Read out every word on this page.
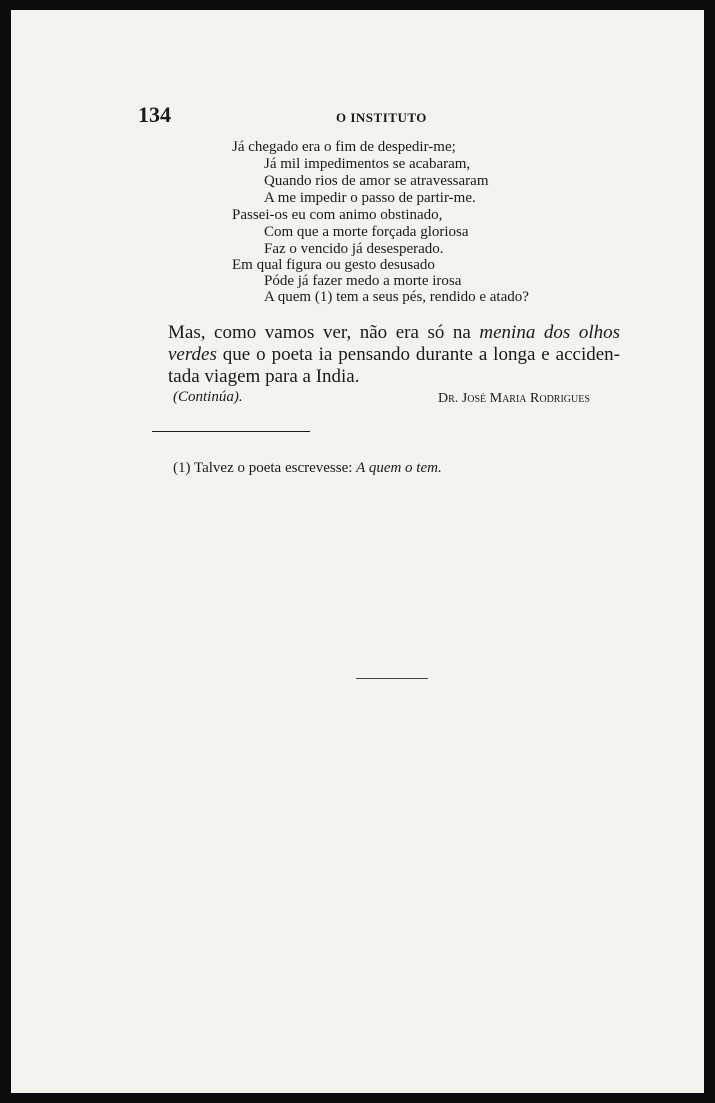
134	O INSTITUTO
Já chegado era o fim de despedir-me;
Já mil impedimentos se acabaram,
Quando rios de amor se atravessaram
A me impedir o passo de partir-me.
Passei-os eu com animo obstinado,
Com que a morte forçada gloriosa
Faz o vencido já desesperado.
Em qual figura ou gesto desusado
Póde já fazer medo a morte irosa
A quem (1) tem a seus pés, rendido e atado?
Mas, como vamos ver, não era só na menina dos olhos
verdes que o poeta ia pensando durante a longa e acciden-
tada viagem para a India.
(Continúa).	Dr. José Maria Rodrigues
(1) Talvez o poeta escrevesse: A quem o tem.
